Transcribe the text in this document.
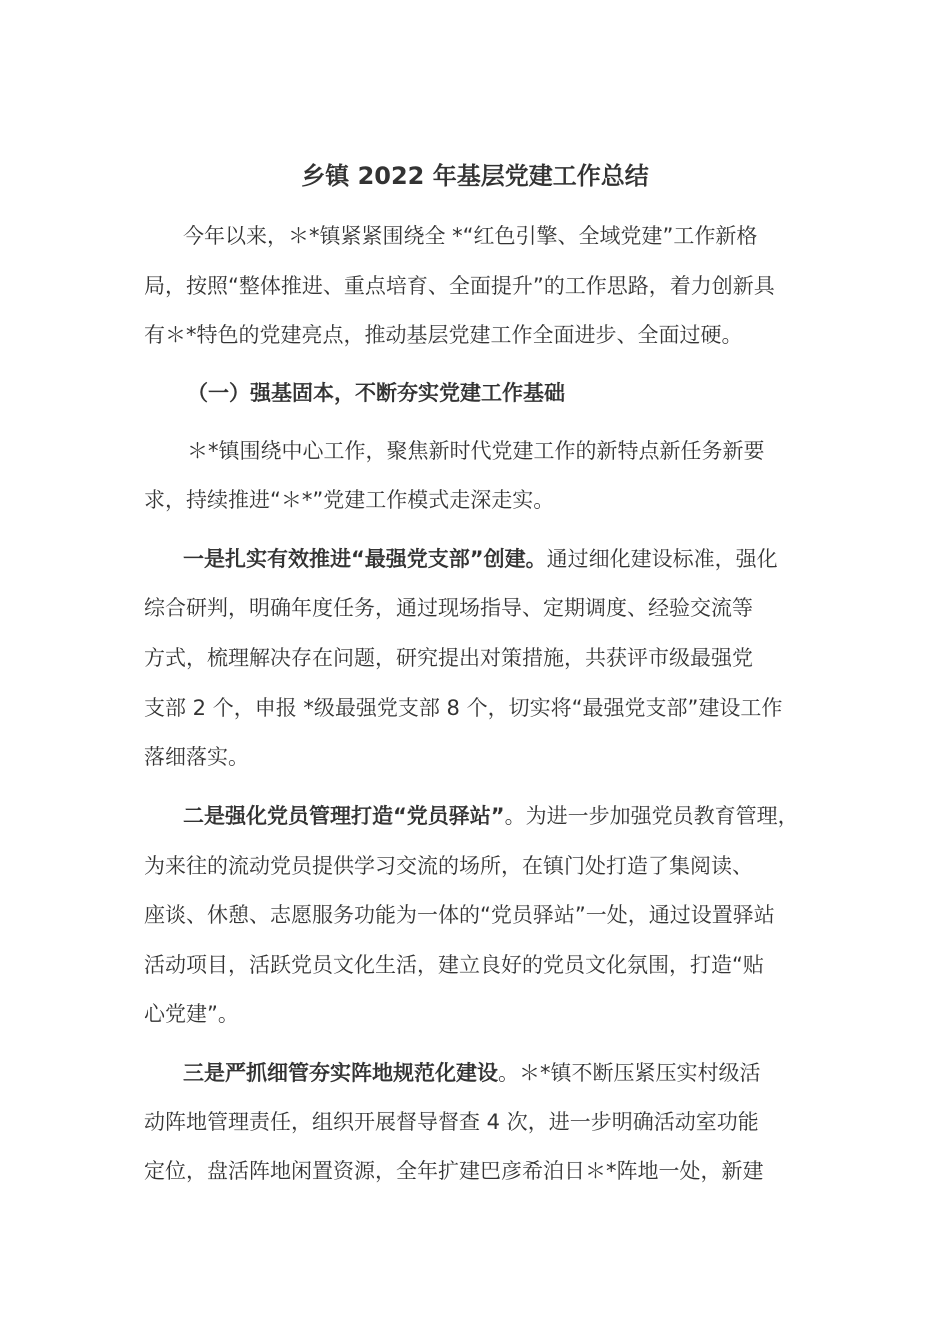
乡镇 2022 年基层党建工作总结
今年以来，＊*镇紧紧围绕全 *“红色引擎、全域党建”工作新格
局，按照“整体推进、重点培育、全面提升”的工作思路，着力创新具
有＊*特色的党建亮点，推动基层党建工作全面进步、全面过硬。
（一）强基固本，不断夯实党建工作基础
＊*镇围绕中心工作，聚焦新时代党建工作的新特点新任务新要
求，持续推进“＊*”党建工作模式走深走实。
一是扎实有效推进“最强党支部”创建。通过细化建设标准，强化
综合研判，明确年度任务，通过现场指导、定期调度、经验交流等
方式，梳理解决存在问题，研究提出对策措施，共获评市级最强党
支部 2 个，申报 *级最强党支部 8 个，切实将“最强党支部”建设工作
落细落实。
二是强化党员管理打造“党员驿站”。为进一步加强党员教育管理，
为来往的流动党员提供学习交流的场所，在镇门处打造了集阅读、
座谈、休憩、志愿服务功能为一体的“党员驿站”一处，通过设置驿站
活动项目，活跃党员文化生活，建立良好的党员文化氛围，打造“贴
心党建”。
三是严抓细管夯实阵地规范化建设。＊*镇不断压紧压实村级活
动阵地管理责任，组织开展督导督查 4 次，进一步明确活动室功能
定位，盘活阵地闲置资源，全年扩建巴彦希泊日＊*阵地一处，新建
